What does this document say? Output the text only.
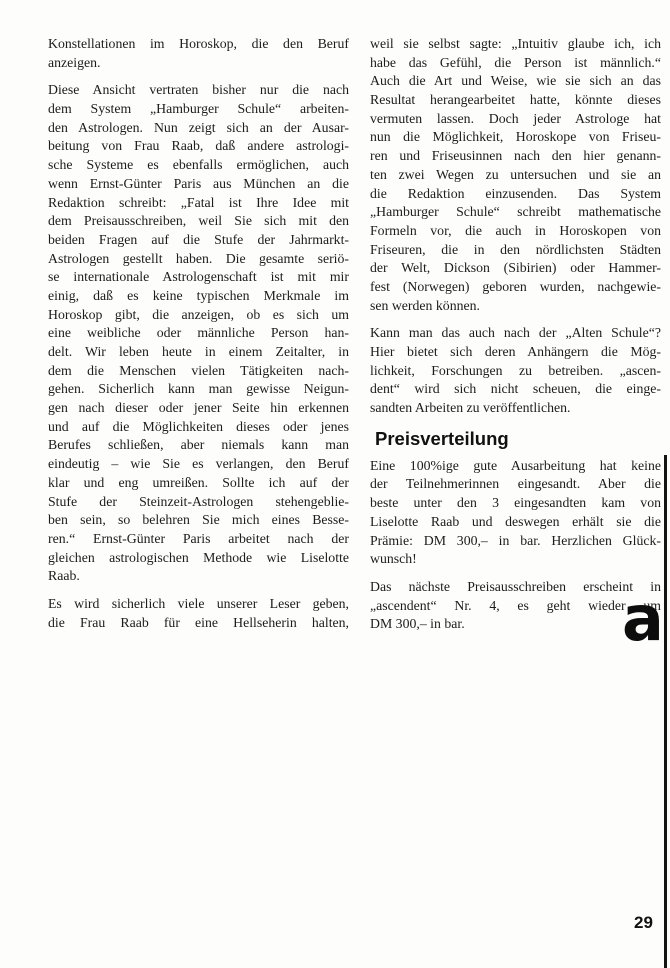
Konstellationen im Horoskop, die den Beruf
anzeigen.
Diese Ansicht vertraten bisher nur die nach
dem System „Hamburger Schule“ arbeiten-
den Astrologen. Nun zeigt sich an der Ausar-
beitung von Frau Raab, daß andere astrologi-
sche Systeme es ebenfalls ermöglichen, auch
wenn Ernst-Günter Paris aus München an die
Redaktion schreibt: „Fatal ist Ihre Idee mit
dem Preisausschreiben, weil Sie sich mit den
beiden Fragen auf die Stufe der Jahrmarkt-
Astrologen gestellt haben. Die gesamte seriö-
se internationale Astrologenschaft ist mit mir
einig, daß es keine typischen Merkmale im
Horoskop gibt, die anzeigen, ob es sich um
eine weibliche oder männliche Person han-
delt. Wir leben heute in einem Zeitalter, in
dem die Menschen vielen Tätigkeiten nach-
gehen. Sicherlich kann man gewisse Neigun-
gen nach dieser oder jener Seite hin erkennen
und auf die Möglichkeiten dieses oder jenes
Berufes schließen, aber niemals kann man
eindeutig – wie Sie es verlangen, den Beruf
klar und eng umreißen. Sollte ich auf der
Stufe der Steinzeit-Astrologen stehengeblie-
ben sein, so belehren Sie mich eines Besse-
ren.“ Ernst-Günter Paris arbeitet nach der
gleichen astrologischen Methode wie Liselotte
Raab.
Es wird sicherlich viele unserer Leser geben,
die Frau Raab für eine Hellseherin halten,
weil sie selbst sagte: „Intuitiv glaube ich, ich
habe das Gefühl, die Person ist männlich.“
Auch die Art und Weise, wie sie sich an das
Resultat herangearbeitet hatte, könnte dieses
vermuten lassen. Doch jeder Astrologe hat
nun die Möglichkeit, Horoskope von Friseu-
ren und Friseusinnen nach den hier genann-
ten zwei Wegen zu untersuchen und sie an
die Redaktion einzusenden. Das System
„Hamburger Schule“ schreibt mathematische
Formeln vor, die auch in Horoskopen von
Friseuren, die in den nördlichsten Städten
der Welt, Dickson (Sibirien) oder Hammer-
fest (Norwegen) geboren wurden, nachgewie-
sen werden können.
Kann man das auch nach der „Alten Schule“?
Hier bietet sich deren Anhängern die Mög-
lichkeit, Forschungen zu betreiben. „ascen-
dent“ wird sich nicht scheuen, die einge-
sandten Arbeiten zu veröffentlichen.
Preisverteilung
Eine 100%ige gute Ausarbeitung hat keine
der Teilnehmerinnen eingesandt. Aber die
beste unter den 3 eingesandten kam von
Liselotte Raab und deswegen erhält sie die
Prämie: DM 300,– in bar. Herzlichen Glück-
wunsch!
Das nächste Preisausschreiben erscheint in
„ascendent“ Nr. 4, es geht wieder um
DM 300,– in bar.	a
29
